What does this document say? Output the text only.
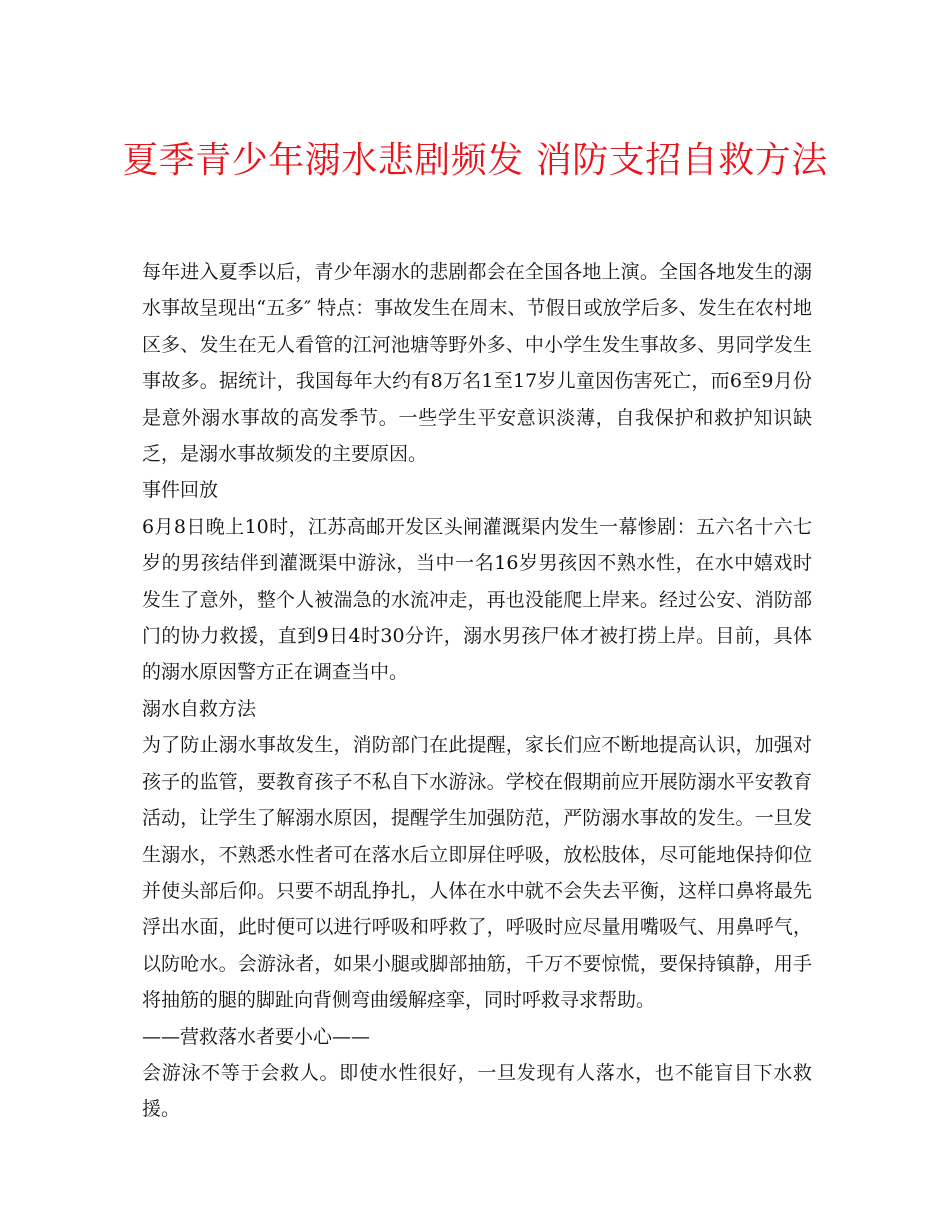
夏季青少年溺水悲剧频发 消防支招自救方法

每年进入夏季以后，青少年溺水的悲剧都会在全国各地上演。全国各地发生的溺水事故呈现出“五多″ 特点：事故发生在周末、节假日或放学后多、发生在农村地区多、发生在无人看管的江河池塘等野外多、中小学生发生事故多、男同学发生事故多。据统计，我国每年大约有8万名1至17岁儿童因伤害死亡，而6至9月份是意外溺水事故的高发季节。一些学生平安意识淡薄，自我保护和救护知识缺乏，是溺水事故频发的主要原因。

事件回放

6月8日晚上10时，江苏高邮开发区头闸灌溉渠内发生一幕惨剧：五六名十六七岁的男孩结伴到灌溉渠中游泳，当中一名16岁男孩因不熟水性，在水中嬉戏时发生了意外，整个人被湍急的水流冲走，再也没能爬上岸来。经过公安、消防部门的协力救援，直到9日4时30分许，溺水男孩尸体才被打捞上岸。目前，具体的溺水原因警方正在调查当中。

溺水自救方法

为了防止溺水事故发生，消防部门在此提醒，家长们应不断地提高认识，加强对孩子的监管，要教育孩子不私自下水游泳。学校在假期前应开展防溺水平安教育活动，让学生了解溺水原因，提醒学生加强防范，严防溺水事故的发生。一旦发生溺水，不熟悉水性者可在落水后立即屏住呼吸，放松肢体，尽可能地保持仰位并使头部后仰。只要不胡乱挣扎，人体在水中就不会失去平衡，这样口鼻将最先浮出水面，此时便可以进行呼吸和呼救了，呼吸时应尽量用嘴吸气、用鼻呼气，以防呛水。会游泳者，如果小腿或脚部抽筋，千万不要惊慌，要保持镇静，用手将抽筋的腿的脚趾向背侧弯曲缓解痉挛，同时呼救寻求帮助。

——营救落水者要小心——

会游泳不等于会救人。即使水性很好，一旦发现有人落水，也不能盲目下水救援。
